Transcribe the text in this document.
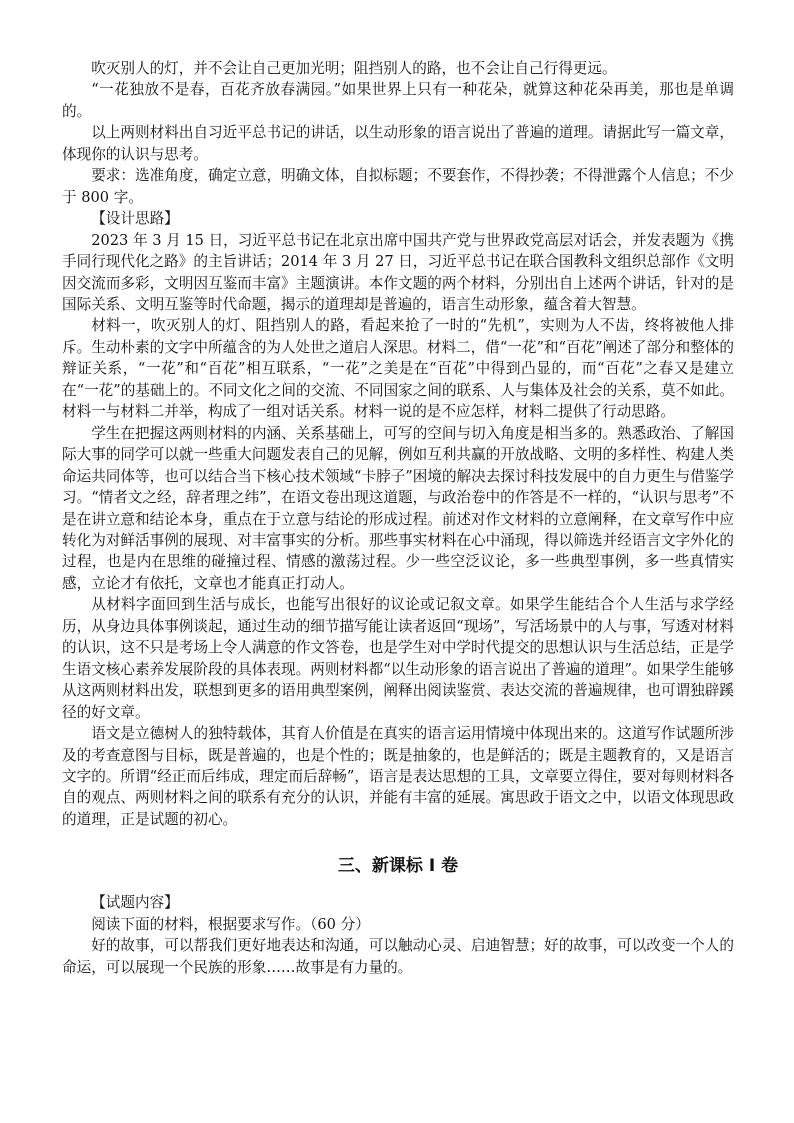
吹灭别人的灯，并不会让自己更加光明；阻挡别人的路，也不会让自己行得更远。

“一花独放不是春，百花齐放春满园。”如果世界上只有一种花朵，就算这种花朵再美，那也是单调的。

以上两则材料出自习近平总书记的讲话，以生动形象的语言说出了普遍的道理。请据此写一篇文章，体现你的认识与思考。

要求：选准角度，确定立意，明确文体，自拟标题；不要套作，不得抄袭；不得泄露个人信息；不少于 800 字。

【设计思路】

2023 年 3 月 15 日，习近平总书记在北京出席中国共产党与世界政党高层对话会，并发表题为《携手同行现代化之路》的主旨讲话；2014 年 3 月 27 日，习近平总书记在联合国教科文组织总部作《文明因交流而多彩，文明因互鉴而丰富》主题演讲。本作文题的两个材料，分别出自上述两个讲话，针对的是国际关系、文明互鉴等时代命题，揭示的道理却是普遍的，语言生动形象，蕴含着大智慧。

材料一，吹灭别人的灯、阻挡别人的路，看起来抢了一时的“先机”，实则为人不齿，终将被他人排斥。生动朴素的文字中所蕴含的为人处世之道启人深思。材料二，借“一花”和“百花”阐述了部分和整体的辩证关系，“一花”和“百花”相互联系，“一花”之美是在“百花”中得到凸显的，而“百花”之春又是建立在“一花”的基础上的。不同文化之间的交流、不同国家之间的联系、人与集体及社会的关系，莫不如此。材料一与材料二并举，构成了一组对话关系。材料一说的是不应怎样，材料二提供了行动思路。

学生在把握这两则材料的内涵、关系基础上，可写的空间与切入角度是相当多的。熟悉政治、了解国际大事的同学可以就一些重大问题发表自己的见解，例如互利共赢的开放战略、文明的多样性、构建人类命运共同体等，也可以结合当下核心技术领域“卡脖子”困境的解决去探讨科技发展中的自力更生与借鉴学习。“情者文之经，辞者理之纬”，在语文卷出现这道题，与政治卷中的作答是不一样的，“认识与思考”不是在讲立意和结论本身，重点在于立意与结论的形成过程。前述对作文材料的立意阐释，在文章写作中应转化为对鲜活事例的展现、对丰富事实的分析。那些事实材料在心中涌现，得以筛选并经语言文字外化的过程，也是内在思维的碰撞过程、情感的激荡过程。少一些空泛议论，多一些典型事例，多一些真情实感，立论才有依托，文章也才能真正打动人。

从材料字面回到生活与成长，也能写出很好的议论或记叙文章。如果学生能结合个人生活与求学经历，从身边具体事例谈起，通过生动的细节描写能让读者返回“现场”，写活场景中的人与事，写透对材料的认识，这不只是考场上令人满意的作文答卷，也是学生对中学时代提交的思想认识与生活总结，正是学生语文核心素养发展阶段的具体表现。两则材料都“以生动形象的语言说出了普遍的道理”。如果学生能够从这两则材料出发，联想到更多的语用典型案例，阐释出阅读鉴赏、表达交流的普遍规律，也可谓独辟蹊径的好文章。

语文是立德树人的独特载体，其育人价值是在真实的语言运用情境中体现出来的。这道写作试题所涉及的考查意图与目标，既是普遍的，也是个性的；既是抽象的，也是鲜活的；既是主题教育的，又是语言文字的。所谓“经正而后纬成，理定而后辞畅”，语言是表达思想的工具，文章要立得住，要对每则材料各自的观点、两则材料之间的联系有充分的认识，并能有丰富的延展。寓思政于语文之中，以语文体现思政的道理，正是试题的初心。

三、新课标 I 卷

【试题内容】

阅读下面的材料，根据要求写作。（60 分）

好的故事，可以帮我们更好地表达和沟通，可以触动心灵、启迪智慧；好的故事，可以改变一个人的命运，可以展现一个民族的形象……故事是有力量的。
